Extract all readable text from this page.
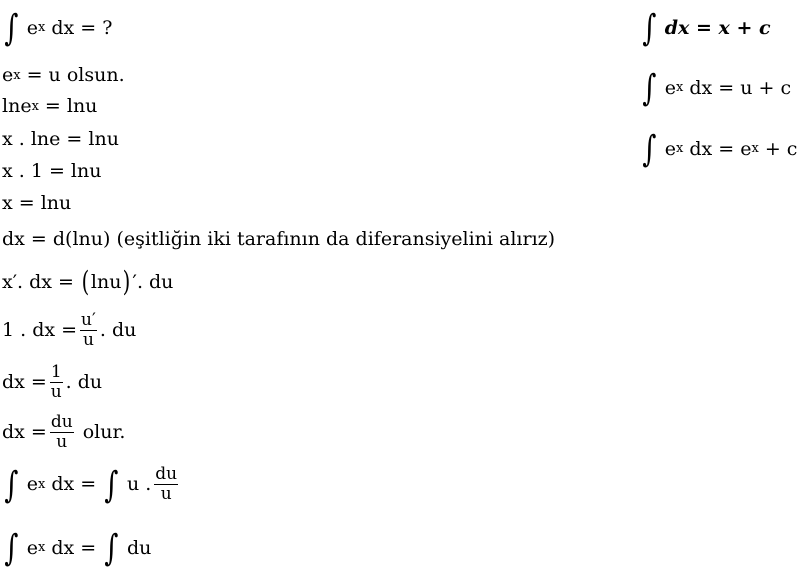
∫ e x dx = ?
e x = u olsun.
lne x = lnu
x . lne = lnu
x . 1 = lnu
x = lnu
dx = d(lnu) (eşitliğin iki tarafının da diferansiyelini alırız)
x′. dx = ( lnu ) ′ . du
1 . dx = $\frac{u'}{u}$ . du
dx = $\frac{1}{u}$ . du
dx = $\frac{du}{u}$ olur.
∫ e x dx = ∫ u . $\frac{du}{u}$
∫ e x dx = ∫ du
∫ dx = x + c
∫ e x dx = u + c
∫ e x dx = e x + c
